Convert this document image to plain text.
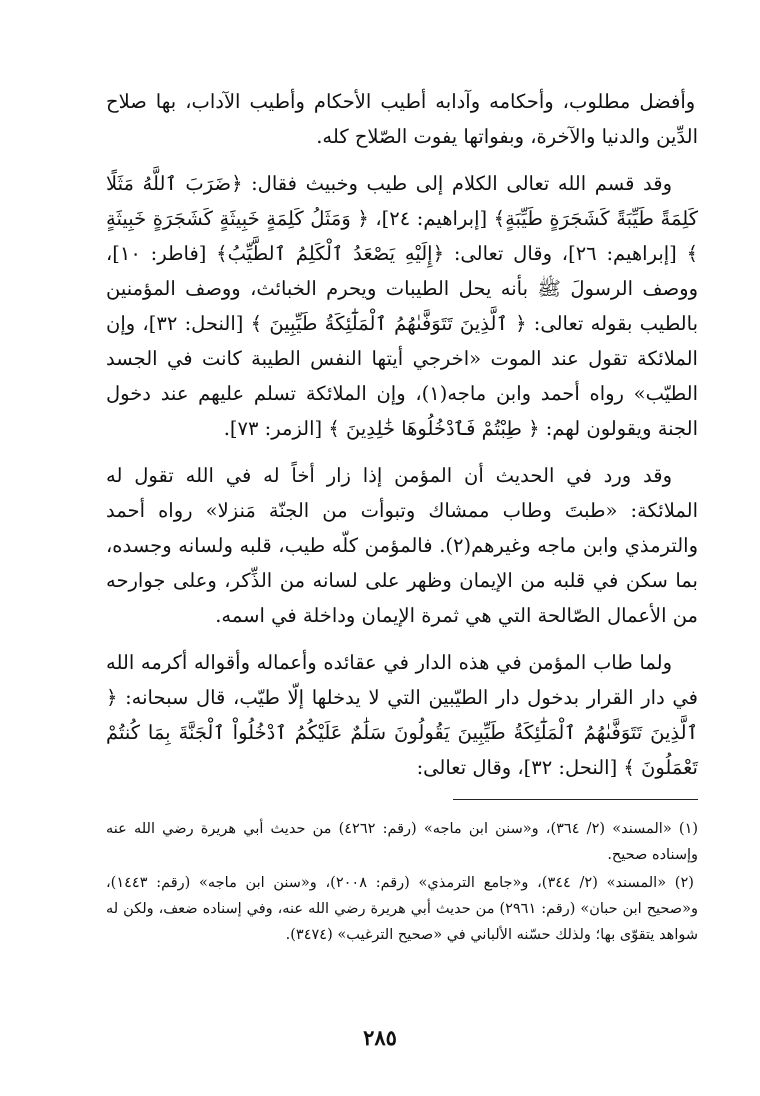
وأفضل مطلوب، وأحكامه وآدابه أطيب الأحكام وأطيب الآداب، بها صلاح الدِّين والدنيا والآخرة، وبفواتها يفوت الصّلاح كله.

وقد قسم الله تعالى الكلام إلى طيب وخبيث فقال: ﴿ضَرَبَ ٱللَّهُ مَثَلًا كَلِمَةً طَيِّبَةً كَشَجَرَةٍ طَيِّبَةٍ﴾ [إبراهيم: ٢٤]، ﴿ وَمَثَلُ كَلِمَةٍ خَبِيثَةٍ كَشَجَرَةٍ خَبِيثَةٍ ﴾ [إبراهيم: ٢٦]، وقال تعالى: ﴿إِلَيْهِ يَصْعَدُ ٱلْكَلِمُ ٱلطَّيِّبُ﴾ [فاطر: ١٠]، ووصف الرسولَ ﷺ بأنه يحل الطيبات ويحرم الخبائث، ووصف المؤمنين بالطيب بقوله تعالى: ﴿ ٱلَّذِينَ تَتَوَفَّىٰهُمُ ٱلْمَلَٰٓئِكَةُ طَيِّبِينَ ﴾ [النحل: ٣٢]، وإن الملائكة تقول عند الموت «اخرجي أيتها النفس الطيبة كانت في الجسد الطيّب» رواه أحمد وابن ماجه(١)، وإن الملائكة تسلم عليهم عند دخول الجنة ويقولون لهم: ﴿ طِبْتُمْ فَٱدْخُلُوهَا خَٰلِدِينَ ﴾ [الزمر: ٧٣].

وقد ورد في الحديث أن المؤمن إذا زار أخاً له في الله تقول له الملائكة: «طبتَ وطاب ممشاك وتبوأت من الجنّة مَنزلا» رواه أحمد والترمذي وابن ماجه وغيرهم(٢). فالمؤمن كلّه طيب، قلبه ولسانه وجسده، بما سكن في قلبه من الإيمان وظهر على لسانه من الذِّكر، وعلى جوارحه من الأعمال الصّالحة التي هي ثمرة الإيمان وداخلة في اسمه.

ولما طاب المؤمن في هذه الدار في عقائده وأعماله وأقواله أكرمه الله في دار القرار بدخول دار الطيّبين التي لا يدخلها إلّا طيّب، قال سبحانه: ﴿ ٱلَّذِينَ تَتَوَفَّىٰهُمُ ٱلْمَلَٰٓئِكَةُ طَيِّبِينَ يَقُولُونَ سَلَٰمٌ عَلَيْكُمُ ٱدْخُلُواْ ٱلْجَنَّةَ بِمَا كُنتُمْ تَعْمَلُونَ ﴾ [النحل: ٣٢]، وقال تعالى:

(١) «المسند» (٢/ ٣٦٤)، و«سنن ابن ماجه» (رقم: ٤٢٦٢) من حديث أبي هريرة رضي الله عنه وإسناده صحيح.

(٢) «المسند» (٢/ ٣٤٤)، و«جامع الترمذي» (رقم: ٢٠٠٨)، و«سنن ابن ماجه» (رقم: ١٤٤٣)، و«صحيح ابن حبان» (رقم: ٢٩٦١) من حديث أبي هريرة رضي الله عنه، وفي إسناده ضعف، ولكن له شواهد يتقوّى بها؛ ولذلك حسّنه الألباني في «صحيح الترغيب» (٣٤٧٤).

٢٨٥
